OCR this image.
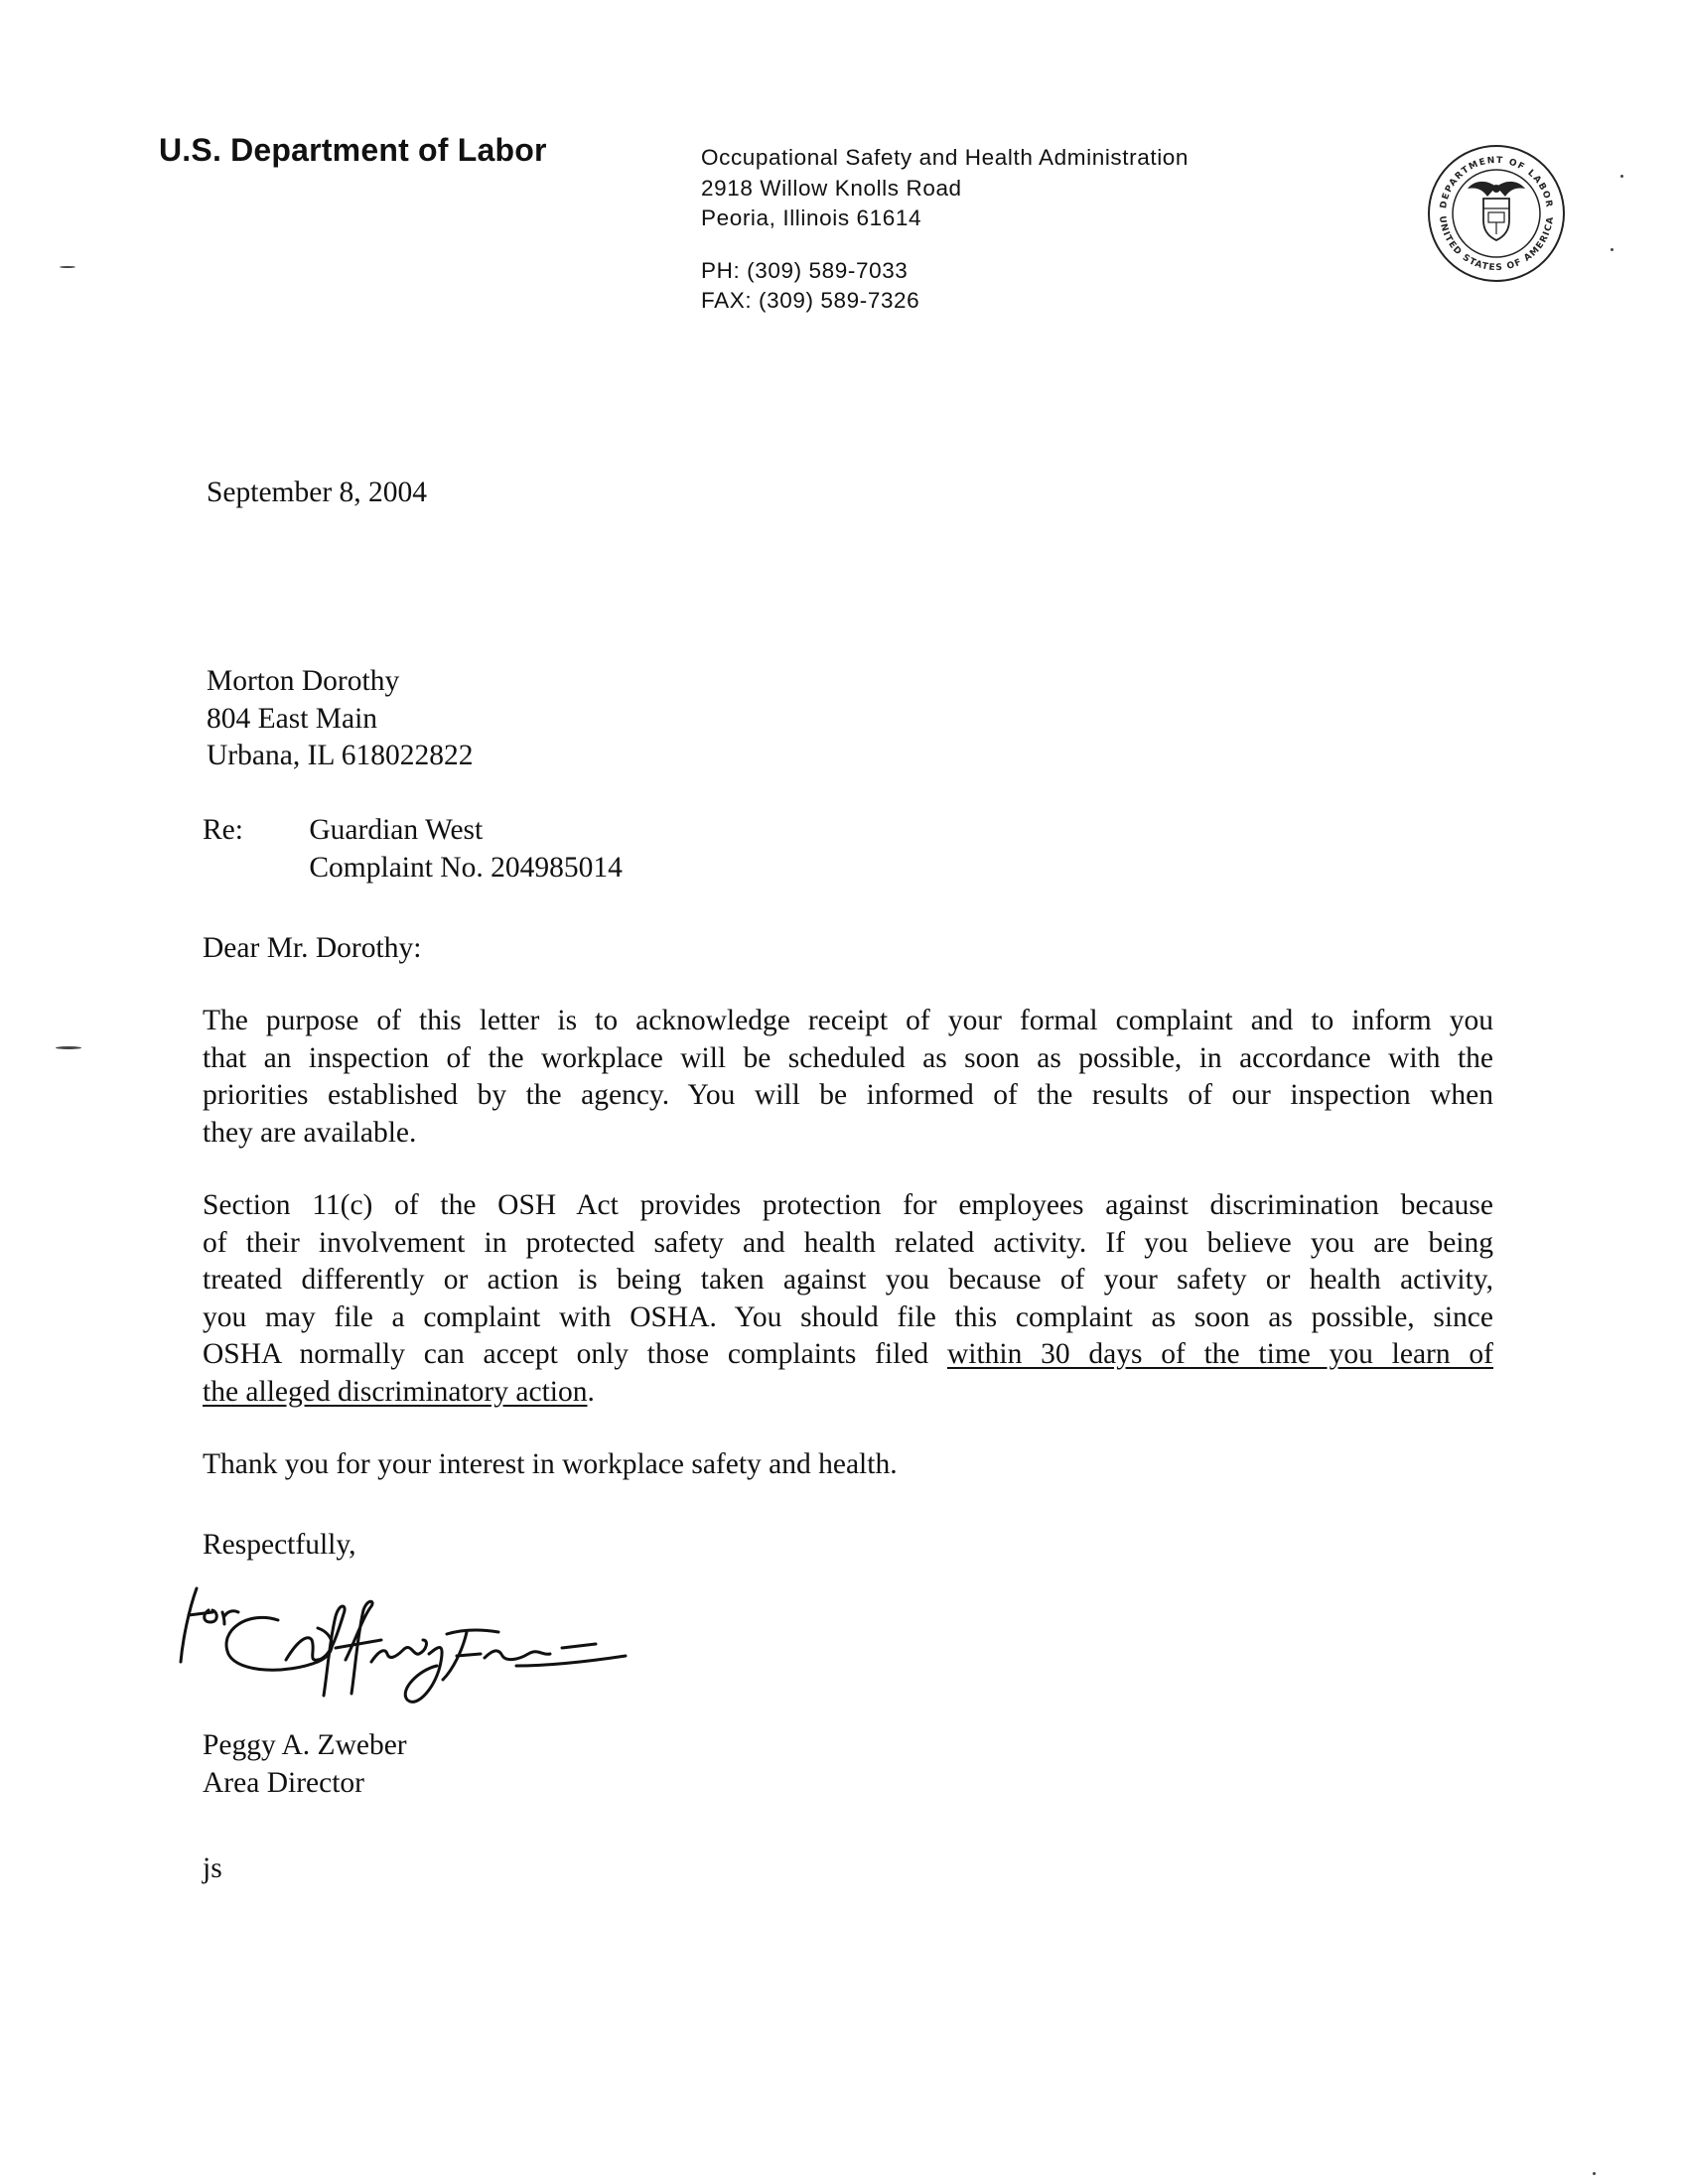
U.S. Department of Labor	Occupational Safety and Health Administration
2918 Willow Knolls Road
Peoria, Illinois 61614
PH: (309) 589-7033
FAX: (309) 589-7326
DEPARTMENT OF LABOR
UNITED STATES OF AMERICA
September 8, 2004
Morton Dorothy
804 East Main
Urbana, IL 618022822
Re: Guardian West
Complaint No. 204985014
Dear Mr. Dorothy:
The purpose of this letter is to acknowledge receipt of your formal complaint and to inform you
that an inspection of the workplace will be scheduled as soon as possible, in accordance with the
priorities established by the agency. You will be informed of the results of our inspection when
they are available.
Section 11(c) of the OSH Act provides protection for employees against discrimination because
of their involvement in protected safety and health related activity. If you believe you are being
treated differently or action is being taken against you because of your safety or health activity,
you may file a complaint with OSHA. You should file this complaint as soon as possible, since
OSHA normally can accept only those complaints filed within 30 days of the time you learn of
the alleged discriminatory action.
Thank you for your interest in workplace safety and health.
Respectfully,
for
Jeffrey Freie
Peggy A. Zweber
Area Director
js
